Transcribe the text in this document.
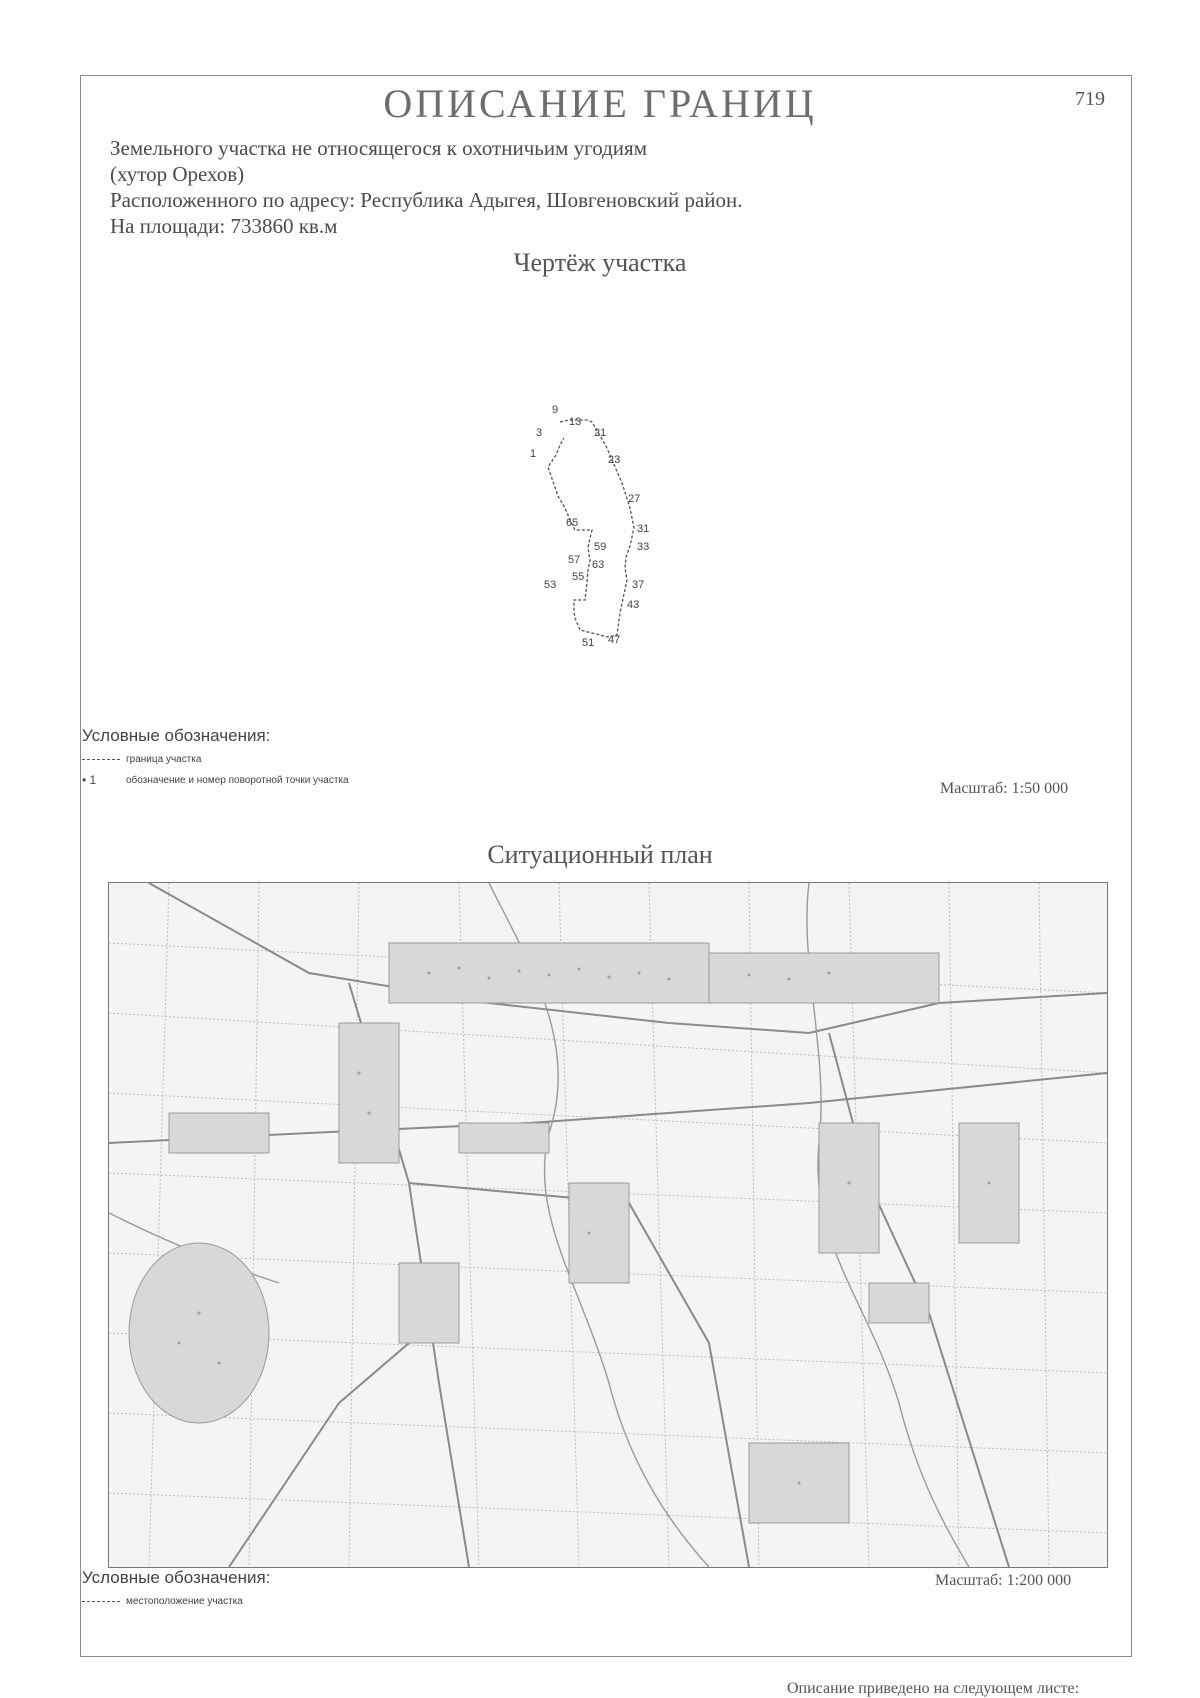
ОПИСАНИЕ ГРАНИЦ	719
Земельного участка не относящегося к охотничьим угодиям
(хутор Орехов)
Расположенного по адресу: Республика Адыгея, Шовгеновский район.
На площади: 733860 кв.м
Чертёж участка
9
13
3	21
1	23
27
65	31
59	33
57 63
55
53	37
43
51 47
Условные обозначения:
граница участка
• 1	обозначение и номер поворотной точки участка	Масштаб: 1:50 000
Ситуационный план
Условные обозначения:
местоположение участка
Масштаб: 1:200 000
Описание приведено на следующем листе:
